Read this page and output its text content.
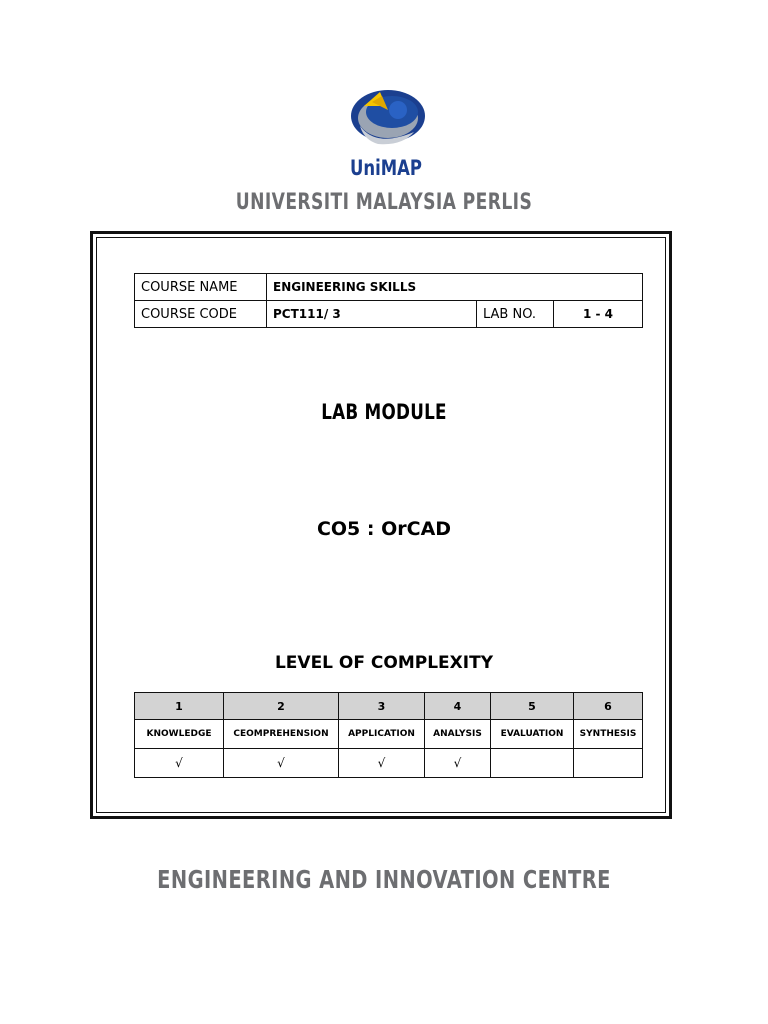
UniMAP
UNIVERSITI MALAYSIA PERLIS
COURSE NAME	ENGINEERING SKILLS		
COURSE CODE	PCT111/ 3	LAB NO.	1 - 4
LAB MODULE
CO5 : OrCAD
LEVEL OF COMPLEXITY
1	2	3	4	5	6
KNOWLEDGE	CEOMPREHENSION	APPLICATION	ANALYSIS	EVALUATION	SYNTHESIS
√	√	√	√		
ENGINEERING AND INNOVATION CENTRE
